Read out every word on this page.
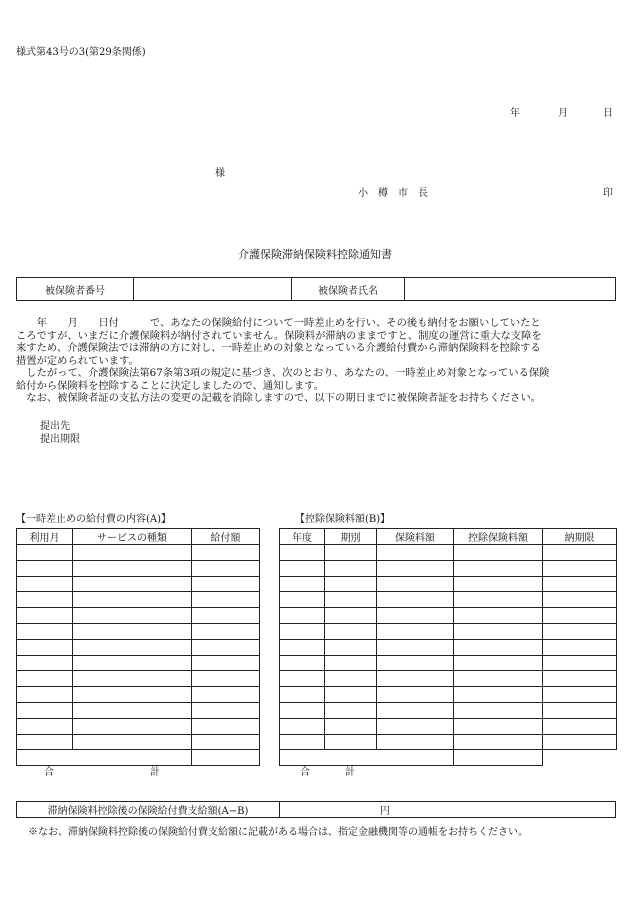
様式第43号の3(第29条関係)
年	月	日
様
小　樽　市　長	印
介護保険滞納保険料控除通知書
被保険者番号		被保険者氏名	

　　年　　月　　日付　　　で、あなたの保険給付について一時差止めを行い、その後も納付をお願いしていたと

ころですが、いまだに介護保険料が納付されていません。保険料が滞納のままですと、制度の運営に重大な支障を

来すため、介護保険法では滞納の方に対し、一時差止めの対象となっている介護給付費から滞納保険料を控除する

措置が定められています。

　したがって、介護保険法第67条第3項の規定に基づき、次のとおり、あなたの、一時差止め対象となっている保険

給付から保険料を控除することに決定しましたので、通知します。

　なお、被保険者証の支払方法の変更の記載を消除しますので、以下の期日までに被保険者証をお持ちください。

提出先
提出期限
【一時差止めの給付費の内容(A)】
利用月	サービスの種類	給付額

合	計
【控除保険料額(B)】
年度	期別	保険料額	控除保険料額	納期限

合	計
滞納保険料控除後の保険給付費支給額(A−B)	円
※なお、滞納保険料控除後の保険給付費支給額に記載がある場合は、指定金融機関等の通帳をお持ちください。
